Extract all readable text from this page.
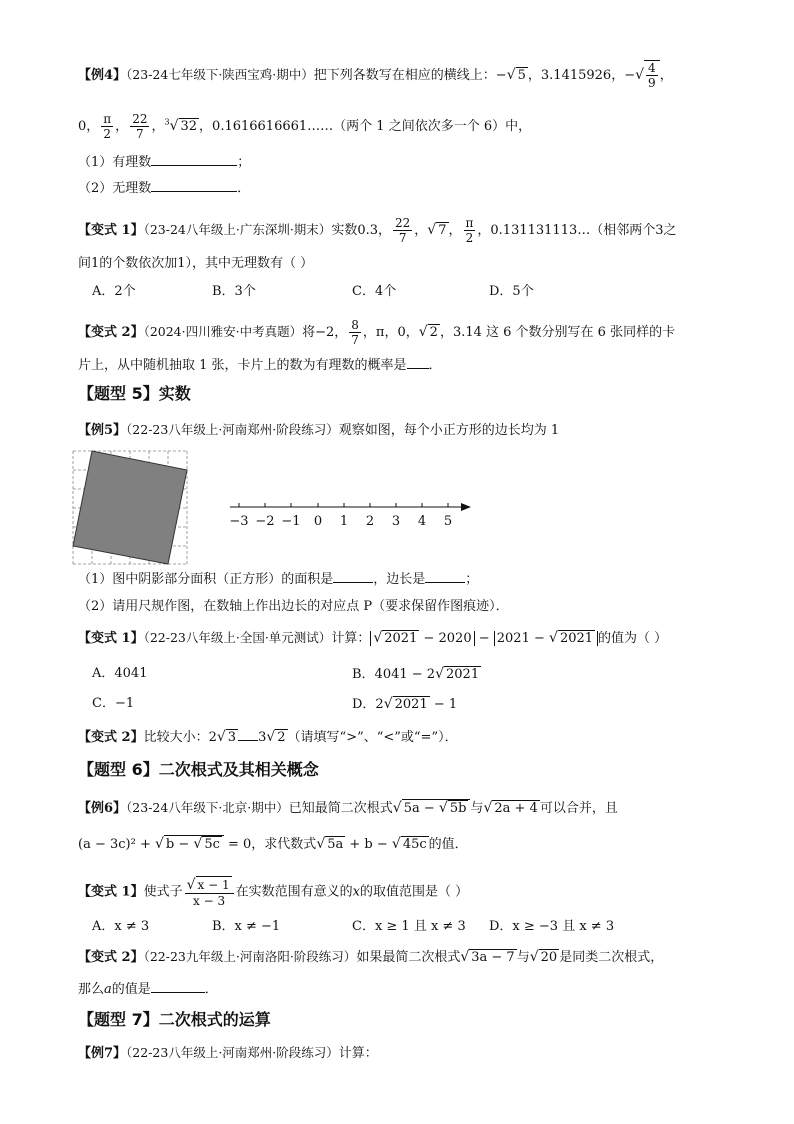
【例4】（23-24七年级下·陕西宝鸡·期中）把下列各数写在相应的横线上：−√ 5 ，3.1415926，−√ $\frac{4}{9}$ ，
0， $\frac{\pi}{2}$ ， $\frac{22}{7}$ ，$^3$√ 32 ，0.1616616661……（两个 1 之间依次多一个 6）中，
（1）有理数	；
（2）无理数	．
【变式 1】（23-24八年级上·广东深圳·期末）实数0.3， $\frac{22}{7}$ ，√ 7 ， $\frac{\pi}{2}$ ，0.131131113…（相邻两个3之
间1的个数依次加1），其中无理数有（ ）
A．2个	B．3个	C．4个	D．5个
【变式 2】（2024·四川雅安·中考真题）将−2， $\frac{8}{7}$ ，π，0，√ 2 ，3.14 这 6 个数分别写在 6 张同样的卡
片上，从中随机抽取 1 张，卡片上的数为有理数的概率是 ．
【题型 5】实数
【例5】（22-23八年级上·河南郑州·阶段练习）观察如图，每个小正方形的边长均为 1
−3 −2 −1 0 1 2 3 4 5
（1）图中阴影部分面积（正方形）的面积是	，边长是	；
（2）请用尺规作图，在数轴上作出边长的对应点 P（要求保留作图痕迹）．
【变式 1】（22-23八年级上·全国·单元测试）计算： √ 2021 − 2020 − 2021 − √ 2021 的值为（ ）
A．4041	B．4041 − 2√ 2021
C．−1	D．2√ 2021 − 1
【变式 2】比较大小：2√ 3 3√ 2 （请填写“>”、“<”或“=”）．
【题型 6】二次根式及其相关概念
【例6】（23-24八年级下·北京·期中）已知最简二次根式√ 5a − √ 5b 与√ 2a + 4 可以合并，且
(a − 3c)² + √ b − √ 5c = 0，求代数式√ 5a + b − √ 45c 的值．
【变式 1】使式子 $\frac{√ x - 1}{x - 3}$ 在实数范围有意义的x的取值范围是（ ）
A．x ≠ 3	B．x ≠ −1	C．x ≥ 1 且 x ≠ 3 D．x ≥ −3 且 x ≠ 3
【变式 2】（22-23九年级上·河南洛阳·阶段练习）如果最简二次根式√ 3a − 7 与√ 20 是同类二次根式，
那么a的值是	．
【题型 7】二次根式的运算
【例7】（22-23八年级上·河南郑州·阶段练习）计算：
